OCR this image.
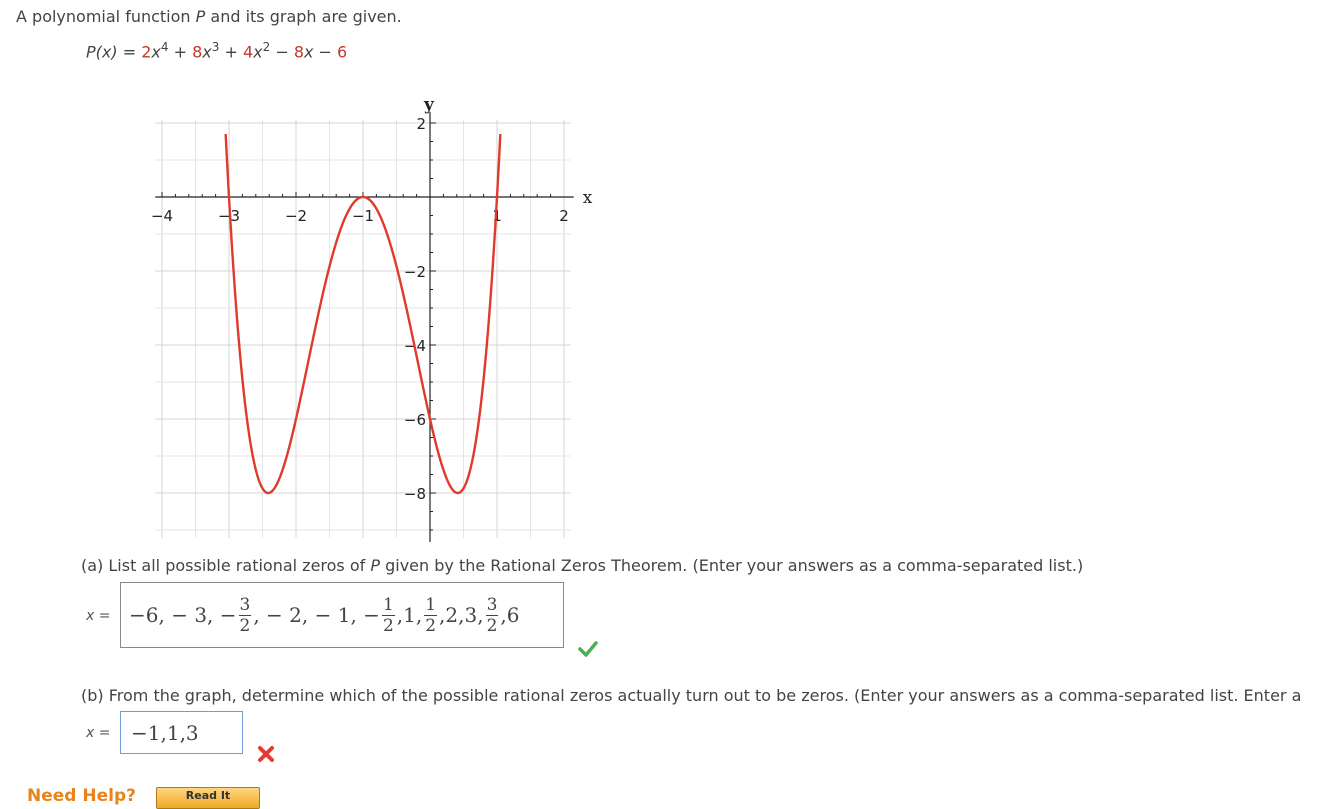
A polynomial function P and its graph are given.
$P(x) = 2x^4 + 8x^3 + 4x^2 - 8x - 6$
x
y
−4	−3	−2	−1	1	2
2
−2
−4
−6
−8
(a) List all possible rational zeros of P given by the Rational Zeros Theorem. (Enter your answers as a comma-separated list.)
x = −6, − 3, − $\frac{3}{2}$ , − 2, − 1, − $\frac{1}{2} ,1$, $\frac{1}{2} ,2,3$, $\frac{3}{2} ,6$
(b) From the graph, determine which of the possible rational zeros actually turn out to be zeros. (Enter your answers as a comma-separated list. Enter a
x = −1,1,3
Need Help?	Read It
